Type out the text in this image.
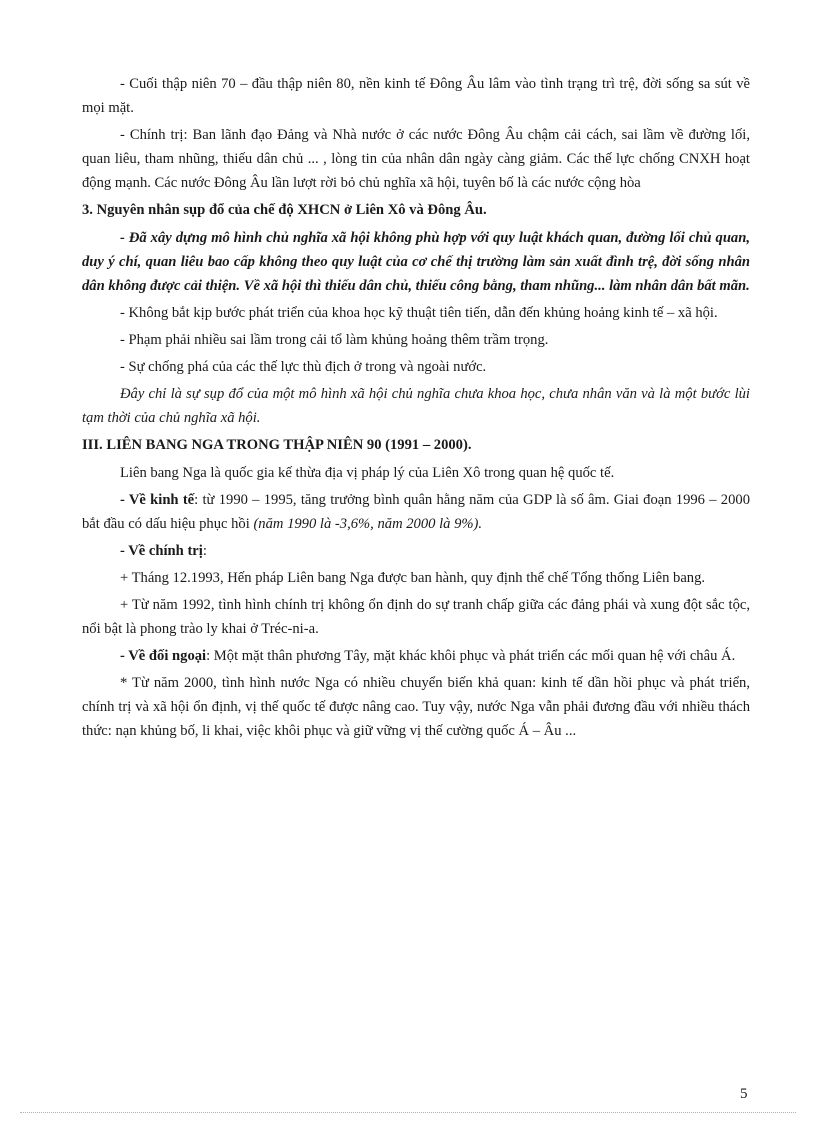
- Cuối thập niên 70 – đầu thập niên 80, nền kinh tế Đông Âu lâm vào tình trạng trì trệ, đời sống sa sút về mọi mặt.

- Chính trị: Ban lãnh đạo Đảng và Nhà nước ở các nước Đông Âu chậm cải cách, sai lầm về đường lối, quan liêu, tham nhũng, thiếu dân chủ ... , lòng tin của nhân dân ngày càng giảm. Các thế lực chống CNXH hoạt động mạnh. Các nước Đông Âu lần lượt rời bỏ chủ nghĩa xã hội, tuyên bố là các nước cộng hòa

3. Nguyên nhân sụp đổ của chế độ XHCN ở Liên Xô và Đông Âu.

- Đã xây dựng mô hình chủ nghĩa xã hội không phù hợp với quy luật khách quan, đường lối chủ quan, duy ý chí, quan liêu bao cấp không theo quy luật của cơ chế thị trường làm sản xuất đình trệ, đời sống nhân dân không được cải thiện. Về xã hội thì thiếu dân chủ, thiếu công bằng, tham nhũng... làm nhân dân bất mãn.

- Không bắt kịp bước phát triển của khoa học kỹ thuật tiên tiến, dẫn đến khủng hoảng kinh tế – xã hội.

- Phạm phải nhiều sai lầm trong cải tổ làm khủng hoảng thêm trầm trọng.

- Sự chống phá của các thế lực thù địch ở trong và ngoài nước.

Đây chỉ là sự sụp đổ của một mô hình xã hội chủ nghĩa chưa khoa học, chưa nhân văn và là một bước lùi tạm thời của chủ nghĩa xã hội.

III. LIÊN BANG NGA TRONG THẬP NIÊN 90 (1991 – 2000).

Liên bang Nga là quốc gia kế thừa địa vị pháp lý của Liên Xô trong quan hệ quốc tế.

- Về kinh tế: từ 1990 – 1995, tăng trưởng bình quân hằng năm của GDP là số âm. Giai đoạn 1996 – 2000 bắt đầu có dấu hiệu phục hồi (năm 1990 là -3,6%, năm 2000 là 9%).

- Về chính trị:

+ Tháng 12.1993, Hến pháp Liên bang Nga được ban hành, quy định thể chế Tổng thống Liên bang.

+ Từ năm 1992, tình hình chính trị không ổn định do sự tranh chấp giữa các đảng phái và xung đột sắc tộc, nổi bật là phong trào ly khai ở Tréc-ni-a.

- Về đối ngoại: Một mặt thân phương Tây, mặt khác khôi phục và phát triển các mối quan hệ với châu Á.

* Từ năm 2000, tình hình nước Nga có nhiều chuyển biến khả quan: kinh tế dần hồi phục và phát triển, chính trị và xã hội ổn định, vị thế quốc tế được nâng cao. Tuy vậy, nước Nga vẫn phải đương đầu với nhiều thách thức: nạn khủng bố, li khai, việc khôi phục và giữ vững vị thế cường quốc Á – Âu ...

5
